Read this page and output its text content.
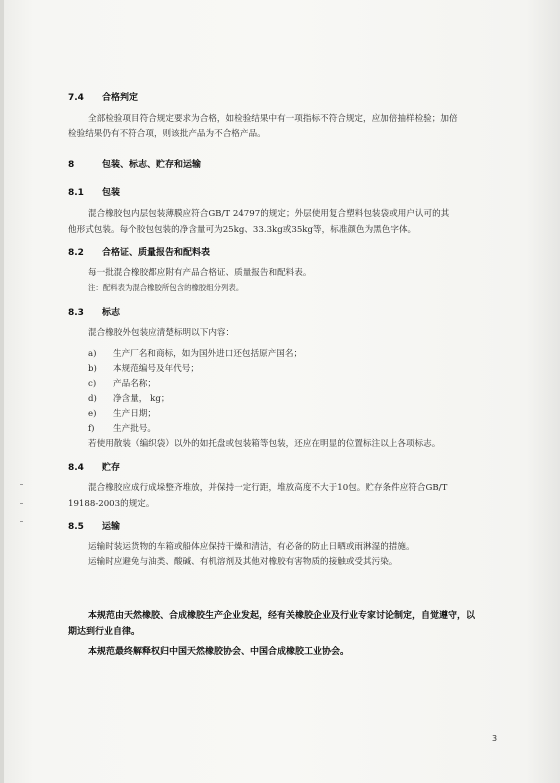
7.4 合格判定
全部检验项目符合规定要求为合格，如检验结果中有一项指标不符合规定，应加倍抽样检验；加倍
检验结果仍有不符合项，则该批产品为不合格产品。
8	包装、标志、贮存和运输
8.1 包装
混合橡胶包内层包装薄膜应符合GB/T 24797的规定；外层使用复合塑料包装袋或用户认可的其
他形式包装。每个胶包包装的净含量可为25kg、33.3kg或35kg等，标准颜色为黑色字体。
8.2 合格证、质量报告和配料表
每一批混合橡胶都应附有产品合格证、质量报告和配料表。
注：配料表为混合橡胶所包含的橡胶组分列表。
8.3 标志
混合橡胶外包装应清楚标明以下内容：
a) 生产厂名和商标，如为国外进口还包括原产国名；
b) 本规范编号及年代号；
c) 产品名称；
d) 净含量， kg；
e) 生产日期；
f) 生产批号。
若使用散装（编织袋）以外的如托盘或包装箱等包装，还应在明显的位置标注以上各项标志。
8.4 贮存
混合橡胶应成行成垛整齐堆放，并保持一定行距，堆放高度不大于10包。贮存条件应符合GB/T
19188-2003的规定。
8.5 运输
运输时装运货物的车箱或船体应保持干燥和清洁，有必备的防止日晒或雨淋湿的措施。
运输时应避免与油类、酸碱、有机溶剂及其他对橡胶有害物质的接触或受其污染。
本规范由天然橡胶、合成橡胶生产企业发起，经有关橡胶企业及行业专家讨论制定，自觉遵守，以
期达到行业自律。
本规范最终解释权归中国天然橡胶协会、中国合成橡胶工业协会。
3
